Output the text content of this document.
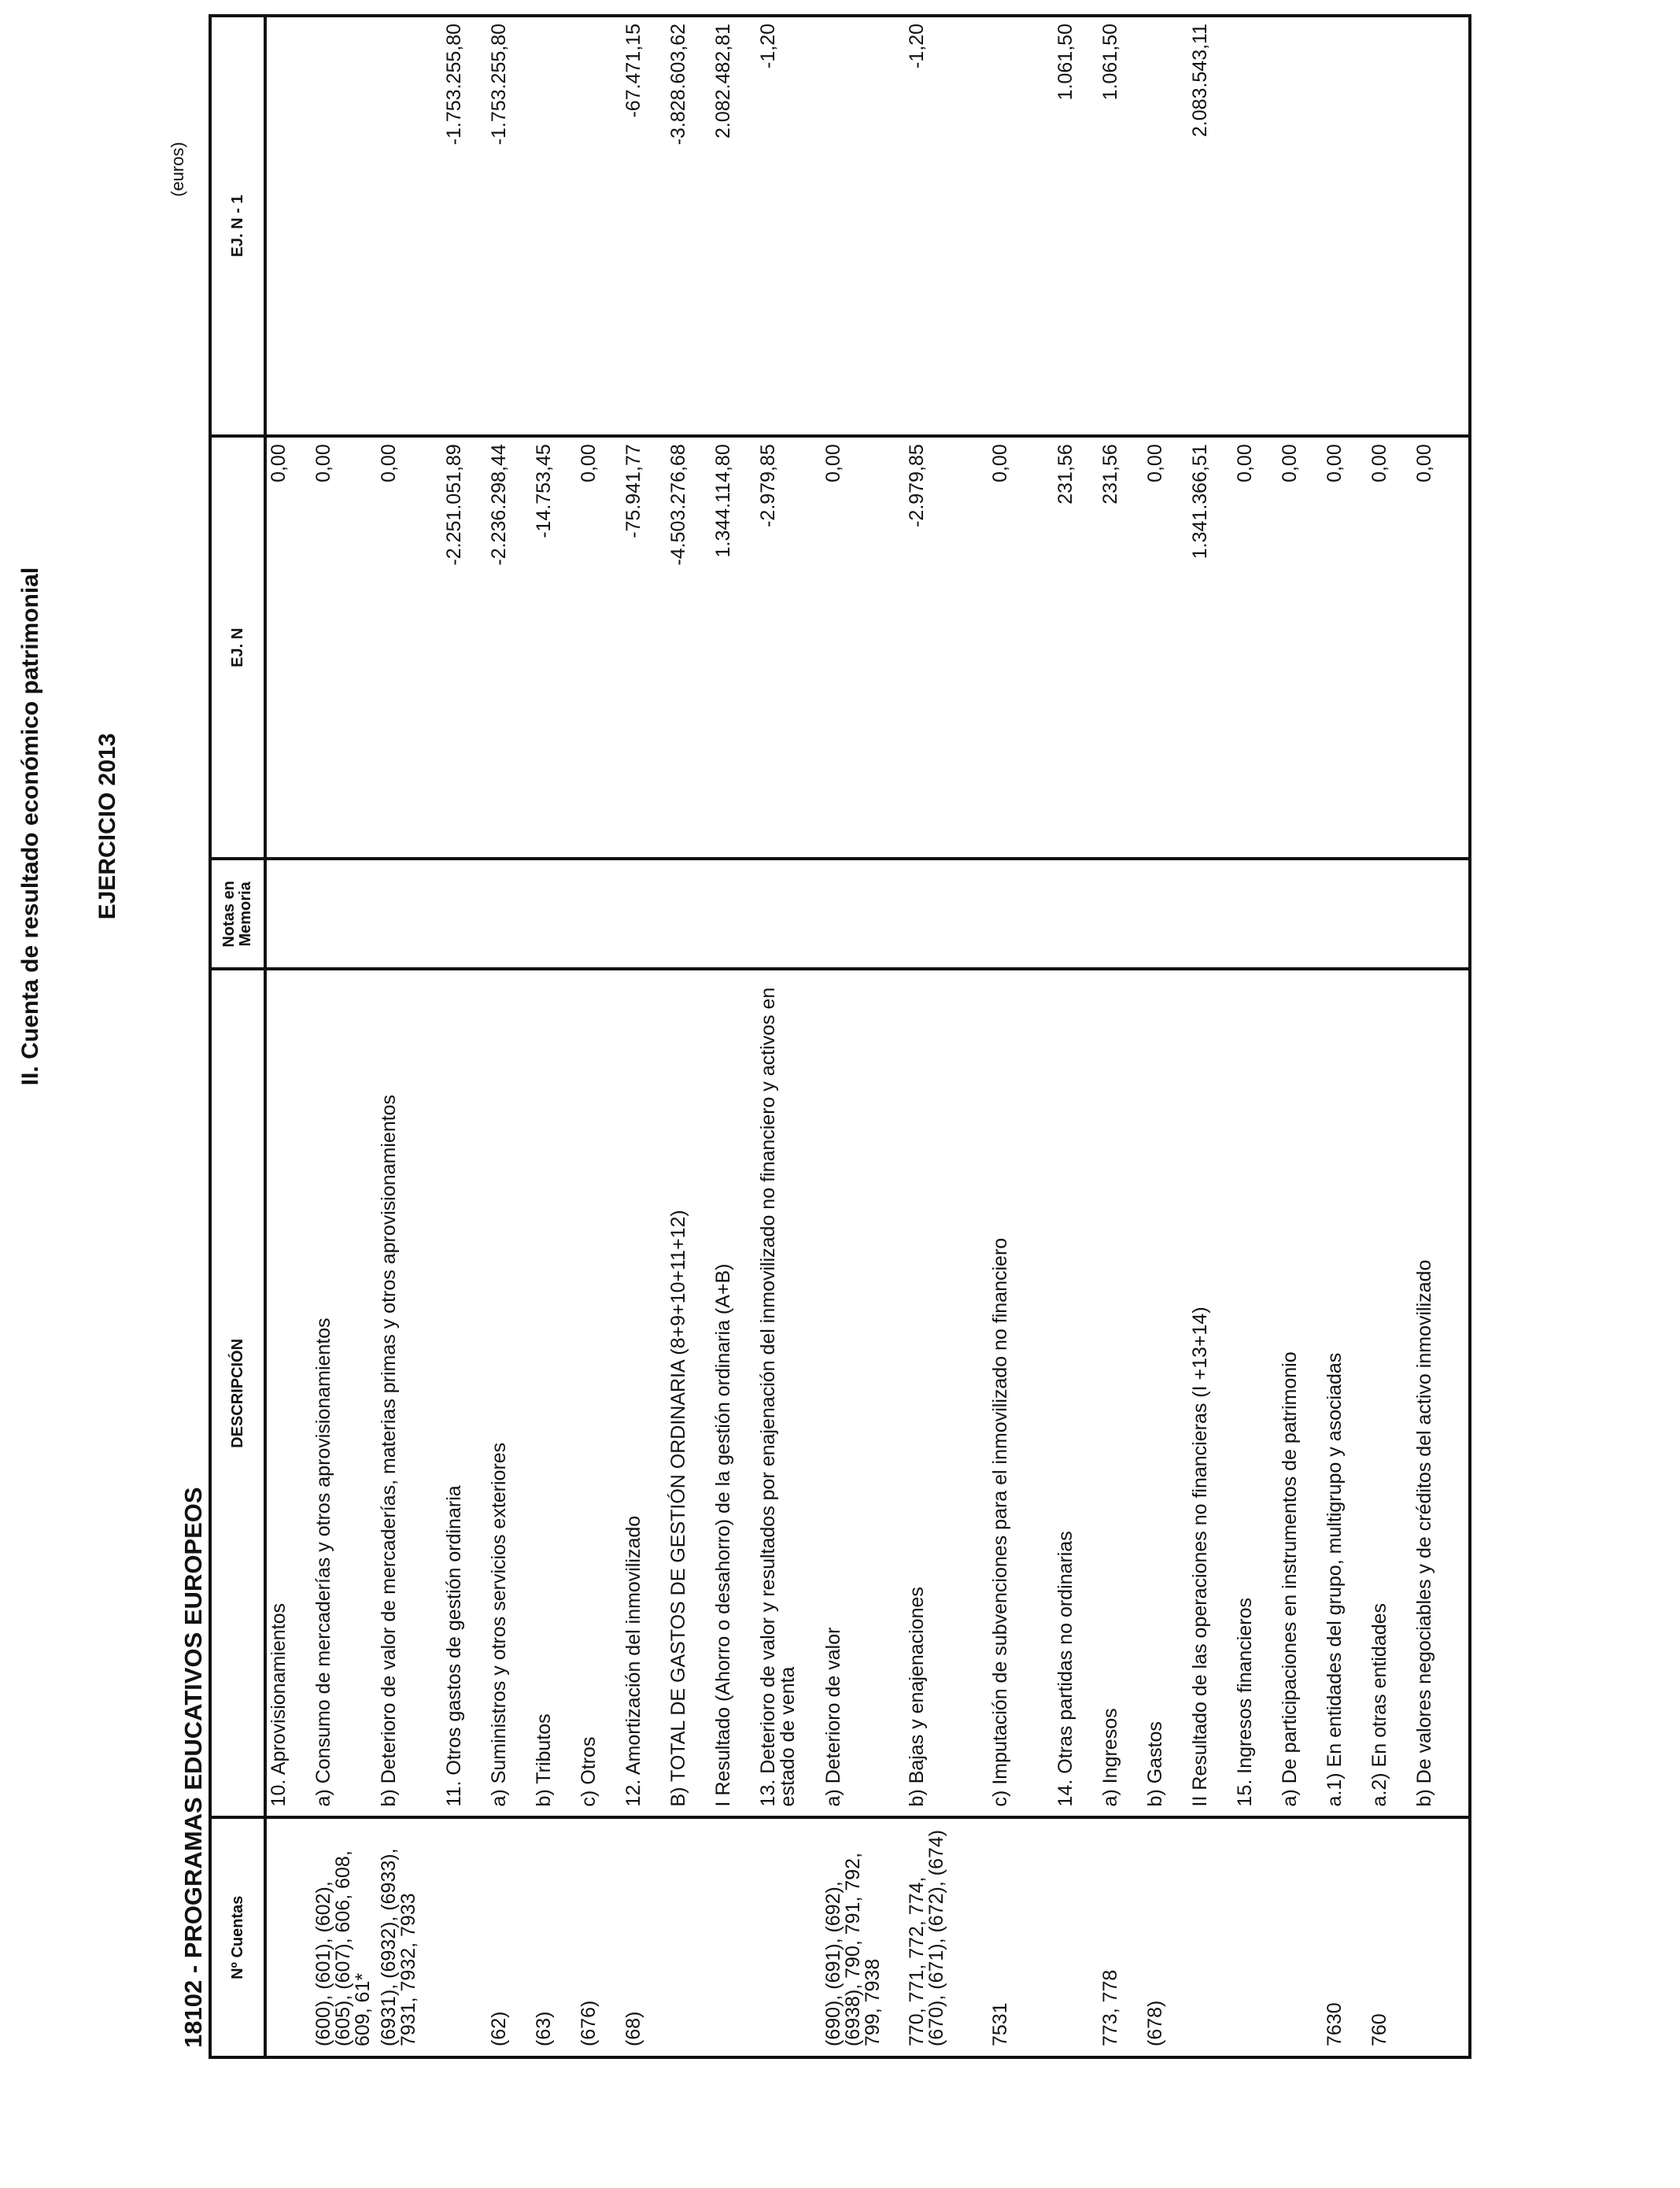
II. Cuenta de resultado económico patrimonial EJERCICIO 2013
18102 - PROGRAMAS EDUCATIVOS EUROPEOS
(euros)
Nº Cuentas	DESCRIPCIÓN	Notas en Memoria	EJ. N	EJ. N - 1
	10. Aprovisionamientos		0,00	
(600), (601), (602), (605), (607), 606, 608, 609, 61*	a) Consumo de mercaderías y otros aprovisionamientos		0,00	
(6931), (6932), (6933), 7931, 7932, 7933	b) Deterioro de valor de mercaderías, materias primas y otros aprovisionamientos		0,00	
	11. Otros gastos de gestión ordinaria		-2.251.051,89	-1.753.255,80
(62)	a) Suministros y otros servicios exteriores		-2.236.298,44	-1.753.255,80
(63)	b) Tributos		-14.753,45	
(676)	c) Otros		0,00	
(68)	12. Amortización del inmovilizado		-75.941,77	-67.471,15
	B) TOTAL DE GASTOS DE GESTIÓN ORDINARIA (8+9+10+11+12)		-4.503.276,68	-3.828.603,62
	I Resultado (Ahorro o desahorro) de la gestión ordinaria (A+B)		1.344.114,80	2.082.482,81
	13. Deterioro de valor y resultados por enajenación del inmovilizado no financiero y activos en estado de venta		-2.979,85	-1,20
(690), (691), (692), (6938), 790, 791, 792, 799, 7938	a) Deterioro de valor		0,00	
770, 771, 772, 774, (670), (671), (672), (674)	b) Bajas y enajenaciones		-2.979,85	-1,20
7531	c) Imputación de subvenciones para el inmovilizado no financiero		0,00	
	14. Otras partidas no ordinarias		231,56	1.061,50
773, 778	a) Ingresos		231,56	1.061,50
(678)	b) Gastos		0,00	
	II Resultado de las operaciones no financieras (I +13+14)		1.341.366,51	2.083.543,11
	15. Ingresos financieros		0,00	
	a) De participaciones en instrumentos de patrimonio		0,00	
7630	a.1) En entidades del grupo, multigrupo y asociadas		0,00	
760	a.2) En otras entidades		0,00	
	b) De valores negociables y de créditos del activo inmovilizado		0,00	
